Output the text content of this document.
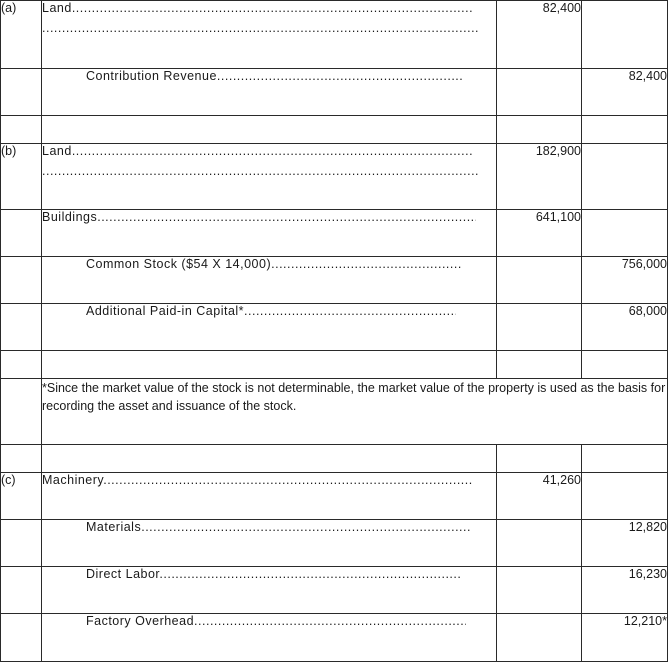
(a)	Land .....
.....	82,400	

	Contribution Revenue .....		82,400

(b)	Land .....
.....	182,900	

	Buildings .....	641,100	

	Common Stock ($54 X 14,000) .....		756,000

	Additional Paid-in Capital* .....		68,000

	*Since the market value of the stock is not determinable, the market value of the property is used as the basis for recording the asset and issuance of the stock.		

(c)	Machinery .....	41,260	

	Materials .....		12,820

	Direct Labor .....		16,230

	Factory Overhead .....		12,210*
